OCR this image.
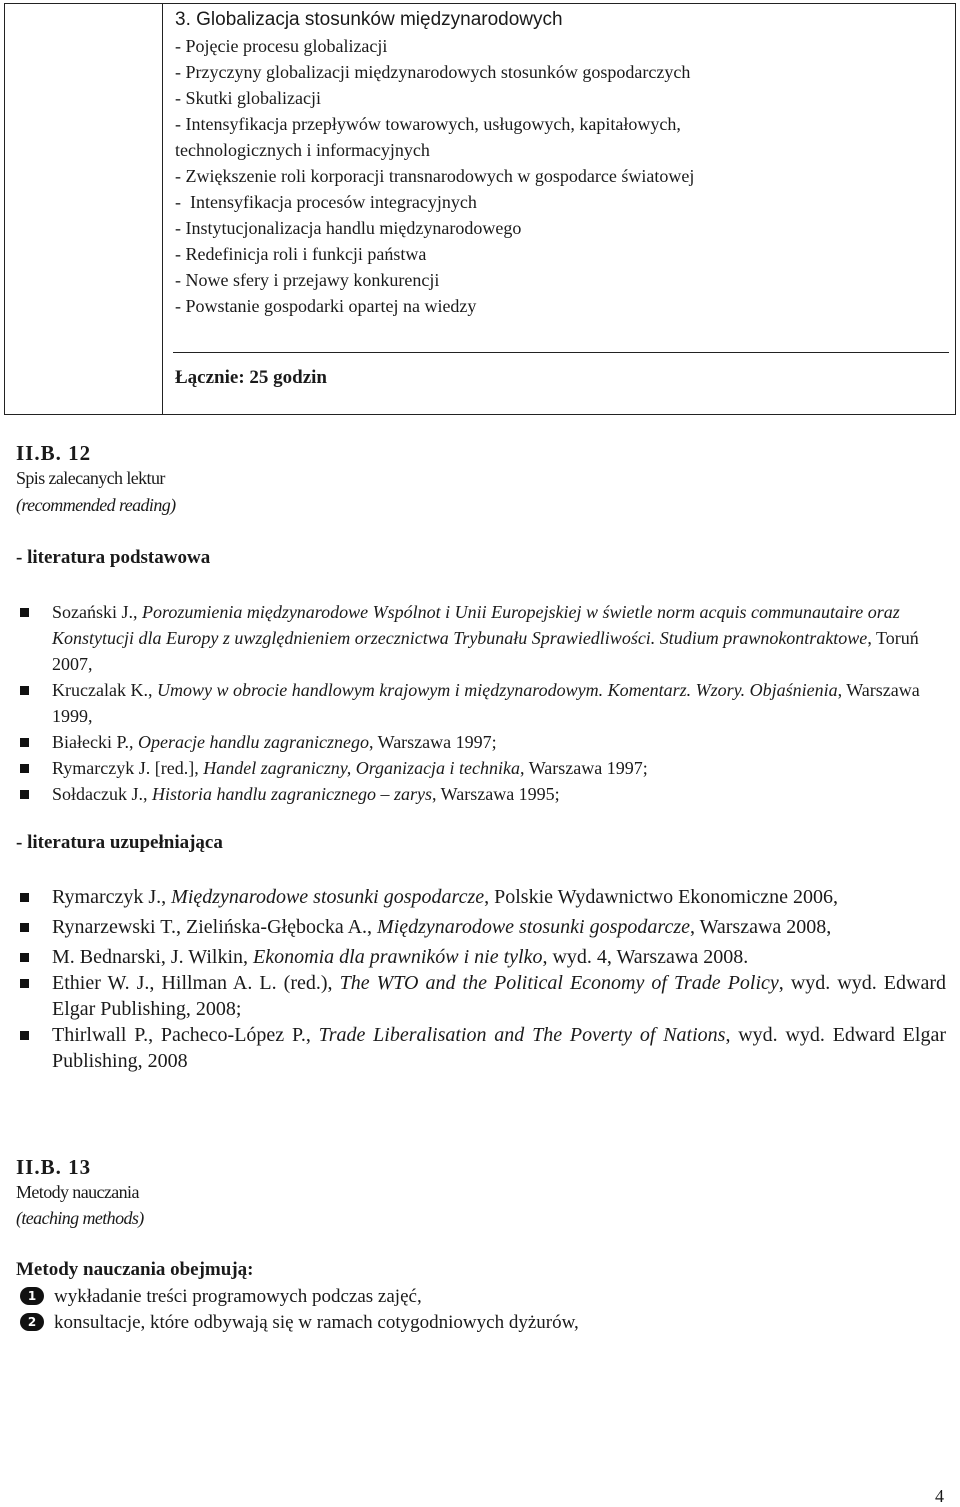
3. Globalizacja stosunków międzynarodowych
- Pojęcie procesu globalizacji
- Przyczyny globalizacji międzynarodowych stosunków gospodarczych
- Skutki globalizacji
- Intensyfikacja przepływów towarowych, usługowych, kapitałowych,
technologicznych i informacyjnych
- Zwiększenie roli korporacji transnarodowych w gospodarce światowej
-  Intensyfikacja procesów integracyjnych
- Instytucjonalizacja handlu międzynarodowego
- Redefinicja roli i funkcji państwa
- Nowe sfery i przejawy konkurencji
- Powstanie gospodarki opartej na wiedzy
Łącznie: 25 godzin
II.B. 12
Spis zalecanych lektur
(recommended reading)
- literatura podstawowa
Sozański J., Porozumienia międzynarodowe Wspólnot i Unii Europejskiej w świetle norm acquis communautaire oraz Konstytucji dla Europy z uwzględnieniem orzecznictwa Trybunału Sprawiedliwości. Studium prawnokontraktowe, Toruń 2007,
Kruczalak K., Umowy w obrocie handlowym krajowym i międzynarodowym. Komentarz. Wzory. Objaśnienia, Warszawa 1999,
Białecki P., Operacje handlu zagranicznego, Warszawa 1997;
Rymarczyk J. [red.], Handel zagraniczny, Organizacja i technika, Warszawa 1997;
Sołdaczuk J., Historia handlu zagranicznego – zarys, Warszawa 1995;
- literatura uzupełniająca
Rymarczyk J., Międzynarodowe stosunki gospodarcze, Polskie Wydawnictwo Ekonomiczne 2006,
Rynarzewski T., Zielińska-Głębocka A., Międzynarodowe stosunki gospodarcze, Warszawa 2008,
M. Bednarski, J. Wilkin, Ekonomia dla prawników i nie tylko, wyd. 4, Warszawa 2008.
Ethier W. J., Hillman A. L. (red.), The WTO and the Political Economy of Trade Policy, wyd. wyd. Edward Elgar Publishing, 2008;
Thirlwall P., Pacheco-López P., Trade Liberalisation and The Poverty of Nations, wyd. wyd. Edward Elgar Publishing, 2008
II.B. 13
Metody nauczania
(teaching methods)
Metody nauczania obejmują:
1 wykładanie treści programowych podczas zajęć,
2 konsultacje, które odbywają się w ramach cotygodniowych dyżurów,
4
